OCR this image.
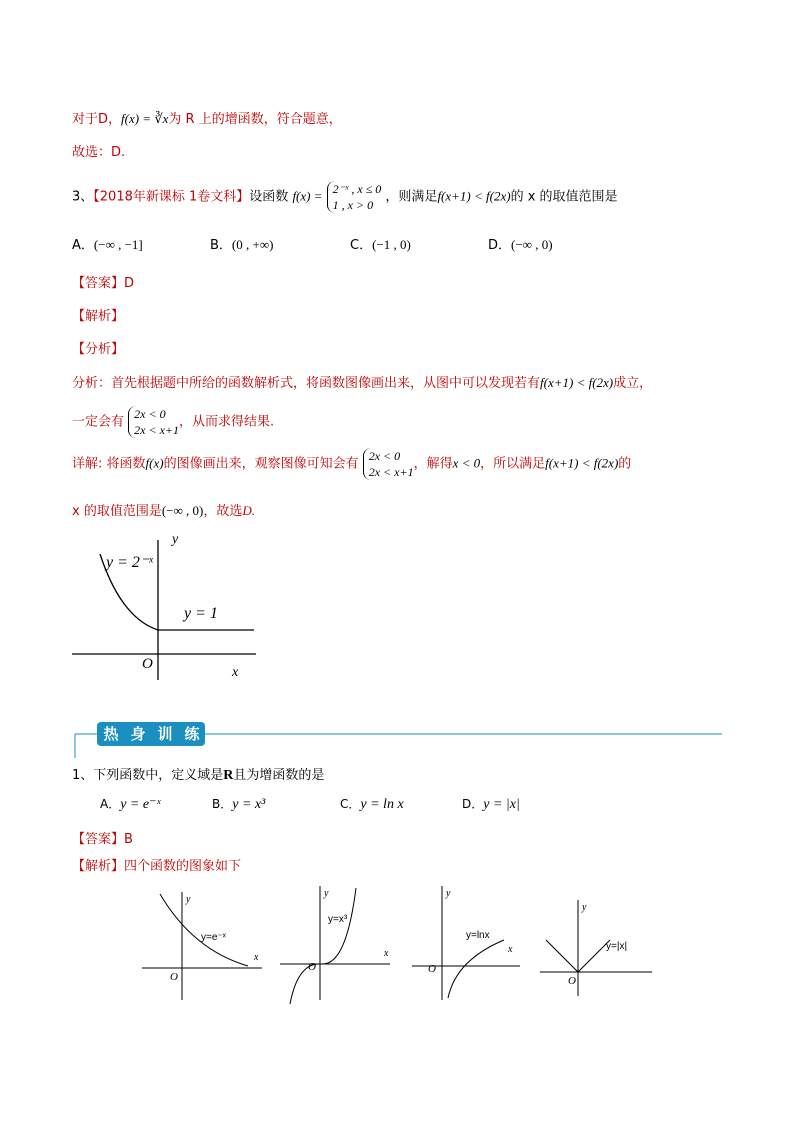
对于D，f(x) = ∛x为 R 上的增函数，符合题意，
故选：D.
3、【2018年新课标 1卷文科】设函数 f(x) = 2⁻ˣ , x ≤ 0
1 , x > 0 ，则满足f(x+1) < f(2x)的 x 的取值范围是
A．(−∞ , −1]	B．(0 , +∞)	C．(−1 , 0)	D．(−∞ , 0)
【答案】D
【解析】
【分析】
分析：首先根据题中所给的函数解析式，将函数图像画出来，从图中可以发现若有f(x+1) < f(2x)成立，
一定会有 2x < 0
2x < x+1，从而求得结果.
详解: 将函数f(x)的图像画出来，观察图像可知会有 2x < 0
2x < x+1，解得x < 0，所以满足f(x+1) < f(2x)的
x 的取值范围是(−∞ , 0)，故选D.
y = 2⁻ˣ
y = 1
y
x
O
热 身 训 练
1、下列函数中，定义域是R且为增函数的是
A．y = e⁻ˣ	B．y = x³	C．y = ln x	D．y = |x|
【答案】B
【解析】四个函数的图象如下
y=e⁻ˣ
y
x
O
y=x³
y
x
O
y=lnx
y
x
O
y=|x|
y
O
